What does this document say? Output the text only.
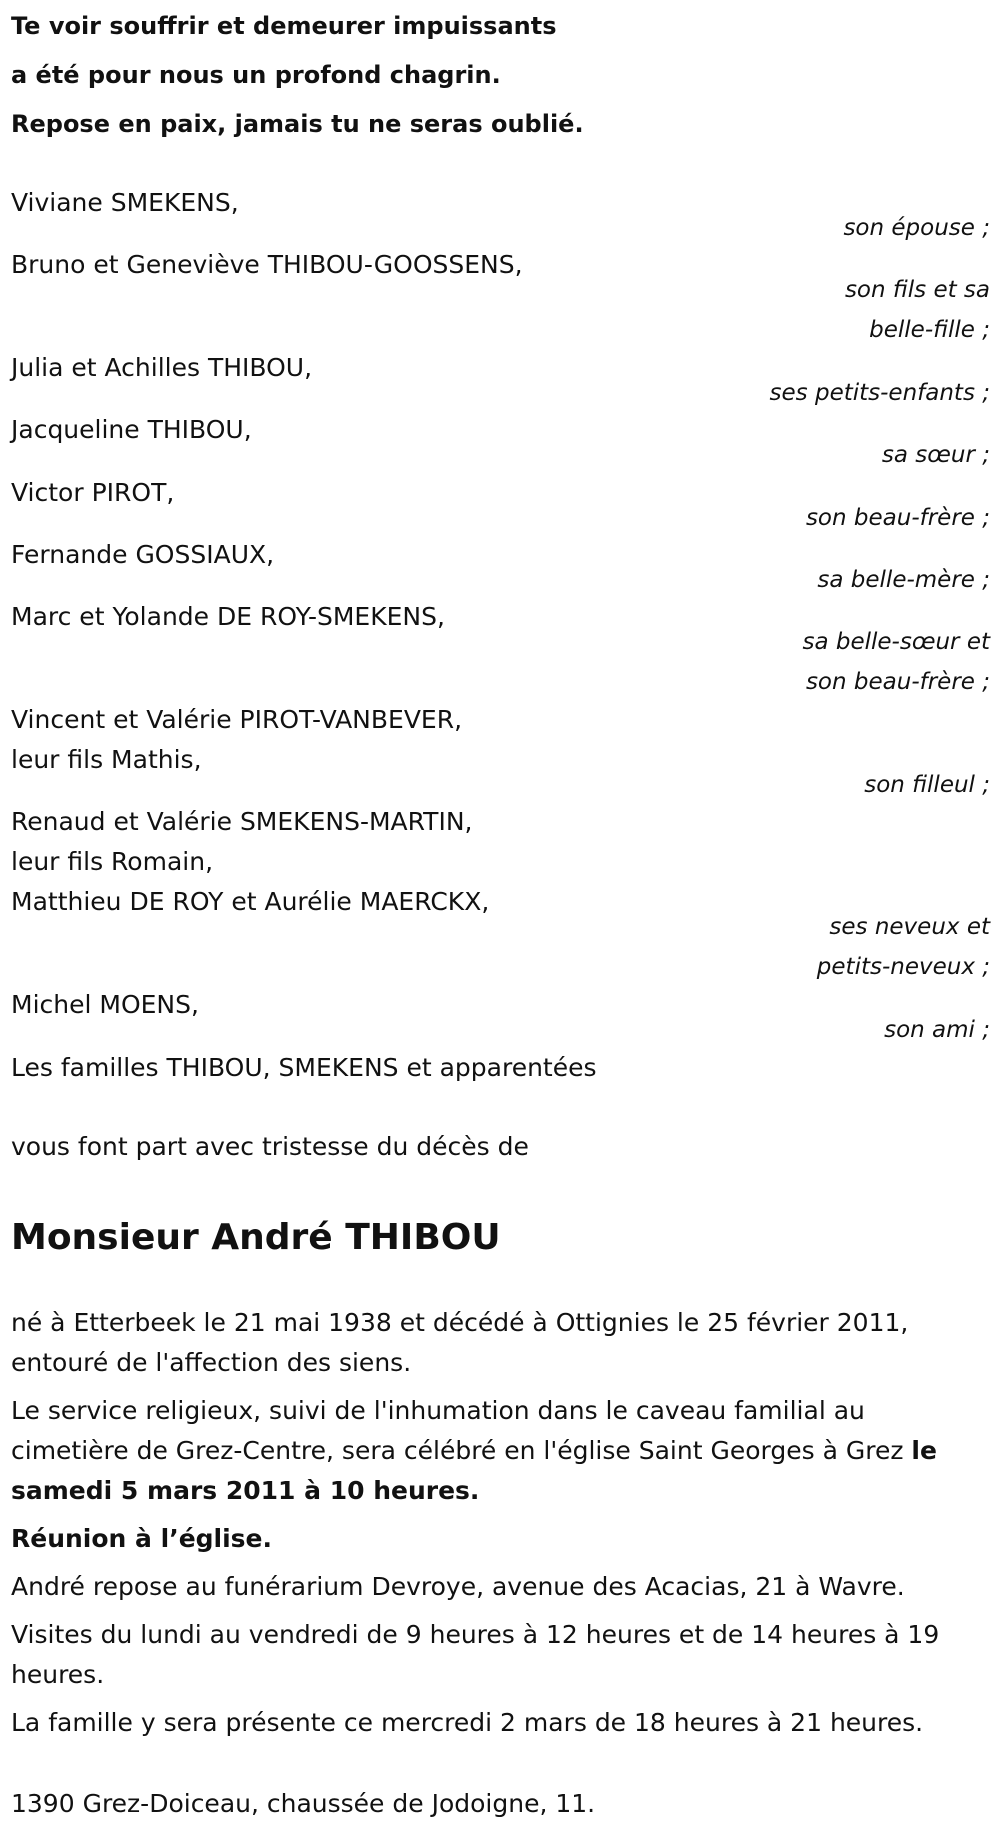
Te voir souffrir et demeurer impuissants

a été pour nous un profond chagrin.

Repose en paix, jamais tu ne seras oublié.

Viviane SMEKENS,
son épouse ;
Bruno et Geneviève THIBOU-GOOSSENS,
son fils et sa
belle-fille ;
Julia et Achilles THIBOU,
ses petits-enfants ;
Jacqueline THIBOU,
sa sœur ;
Victor PIROT,
son beau-frère ;
Fernande GOSSIAUX,
sa belle-mère ;
Marc et Yolande DE ROY-SMEKENS,
sa belle-sœur et
son beau-frère ;
Vincent et Valérie PIROT-VANBEVER,
leur fils Mathis,
son filleul ;
Renaud et Valérie SMEKENS-MARTIN,
leur fils Romain,
Matthieu DE ROY et Aurélie MAERCKX,
ses neveux et
petits-neveux ;
Michel MOENS,
son ami ;
Les familles THIBOU, SMEKENS et apparentées
vous font part avec tristesse du décès de
Monsieur André THIBOU

né à Etterbeek le 21 mai 1938 et décédé à Ottignies le 25 février 2011, entouré de l'affection des siens.

Le service religieux, suivi de l'inhumation dans le caveau familial au cimetière de Grez-Centre, sera célébré en l'église Saint Georges à Grez le samedi 5 mars 2011 à 10 heures.

Réunion à l’église.

André repose au funérarium Devroye, avenue des Acacias, 21 à Wavre.

Visites du lundi au vendredi de 9 heures à 12 heures et de 14 heures à 19 heures.

La famille y sera présente ce mercredi 2 mars de 18 heures à 21 heures.

1390 Grez-Doiceau, chaussée de Jodoigne, 11.
